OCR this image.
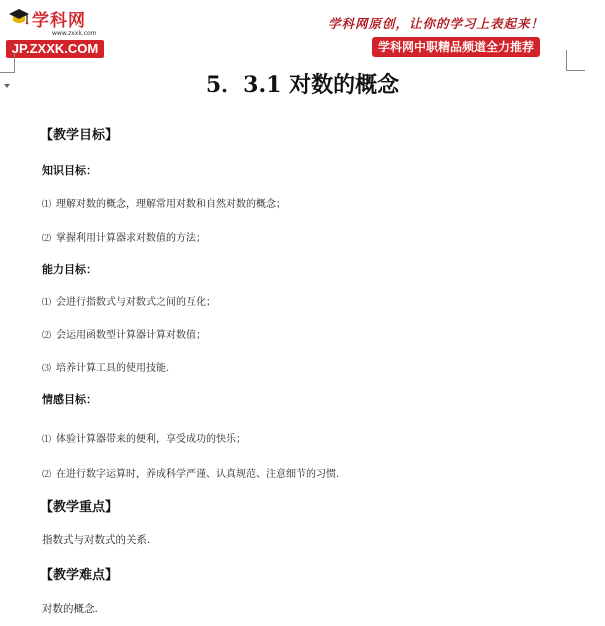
学科网
www.zxxk.com
JP.ZXXK.COM
学科网原创，让你的学习上表起来！
学科网中职精品频道全力推荐
5．3.1 对数的概念
【教学目标】
知识目标：
⑴ 理解对数的概念，理解常用对数和自然对数的概念；
⑵ 掌握利用计算器求对数值的方法；
能力目标：
⑴ 会进行指数式与对数式之间的互化；
⑵ 会运用函数型计算器计算对数值；
⑶ 培养计算工具的使用技能.
情感目标：
⑴ 体验计算器带来的便利，享受成功的快乐；
⑵ 在进行数字运算时，养成科学严谨、认真规范、注意细节的习惯.
【教学重点】
指数式与对数式的关系.
【教学难点】
对数的概念.
